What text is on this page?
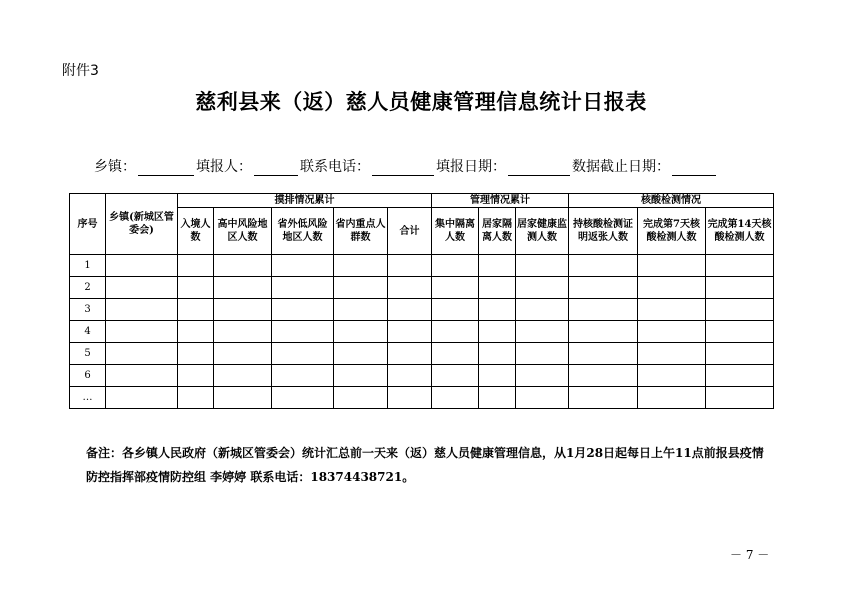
附件3
慈利县来（返）慈人员健康管理信息统计日报表
乡镇：	填报人：	联系电话：	填报日期：	数据截止日期：
序号	乡镇(新城区管委会)	摸排情况累计					管理情况累计			核酸检测情况		
		入境人数	高中风险地区人数	省外低风险地区人数	省内重点人群数	合计	集中隔离人数	居家隔离人数	居家健康监测人数	持核酸检测证明返张人数	完成第7天核酸检测人数	完成第14天核酸检测人数
1												
2												
3												
4												
5												
6												
…												
备注：各乡镇人民政府（新城区管委会）统计汇总前一天来（返）慈人员健康管理信息，从1月28日起每日上午11点前报县疫情防控指挥部疫情防控组 李婷婷 联系电话：18374438721。
－ 7 －
